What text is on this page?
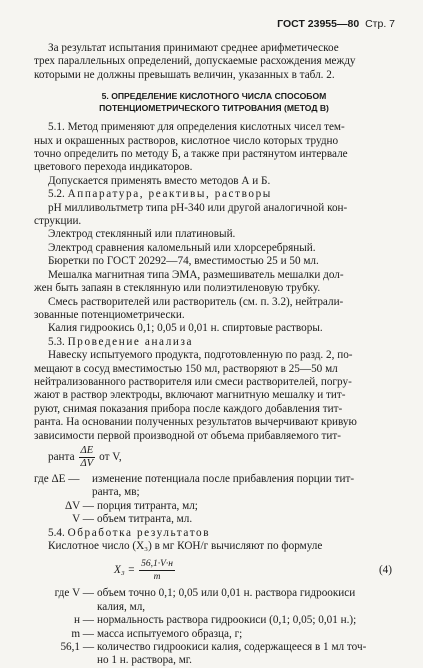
ГОСТ 23955—80 Стр. 7

За результат испытания принимают среднее арифметическое

трех параллельных определений, допускаемые расхождения между

которыми не должны превышать величин, указанных в табл. 2.

5. ОПРЕДЕЛЕНИЕ КИСЛОТНОГО ЧИСЛА СПОСОБОМ
ПОТЕНЦИОМЕТРИЧЕСКОГО ТИТРОВАНИЯ (МЕТОД В)

5.1. Метод применяют для определения кислотных чисел тем-

ных и окрашенных растворов, кислотное число которых трудно

точно определить по методу Б, а также при растянутом интервале

цветового перехода индикаторов.

Допускается применять вместо методов А и Б.

5.2. Аппаратура, реактивы, растворы

рН милливольтметр типа рН-340 или другой аналогичной кон-

струкции.

Электрод стеклянный или платиновый.

Электрод сравнения каломельный или хлорсеребряный.

Бюретки по ГОСТ 20292—74, вместимостью 25 и 50 мл.

Мешалка магнитная типа ЭМА, размешиватель мешалки дол-

жен быть запаян в стеклянную или полиэтиленовую трубку.

Смесь растворителей или растворитель (см. п. 3.2), нейтрали-

зованные потенциометрически.

Калия гидроокись 0,1; 0,05 и 0,01 н. спиртовые растворы.

5.3. Проведение анализа

Навеску испытуемого продукта, подготовленную по разд. 2, по-

мещают в сосуд вместимостью 150 мл, растворяют в 25—50 мл

нейтрализованного растворителя или смеси растворителей, погру-

жают в раствор электроды, включают магнитную мешалку и тит-

руют, снимая показания прибора после каждого добавления тит-

ранта. На основании полученных результатов вычерчивают кривую

зависимости первой производной от объема прибавляемого тит-

ранта $\frac{\Delta E}{\Delta V}$ от V,
где ΔE —	изменение потенциала после прибавления порции тит-
ранта, мв;
ΔV — порция титранта, мл;
V — объем титранта, мл.

5.4. Обработка результатов

Кислотное число (X₃) в мг КОН/г вычисляют по формуле

$X_3 = \frac{56,1\cdot V\cdot н}{m}$	(4)
где V — объем точно 0,1; 0,05 или 0,01 н. раствора гидроокиси
калия, мл,
н — нормальность раствора гидроокиси (0,1; 0,05; 0,01 н.);
m — масса испытуемого образца, г;
56,1 — количество гидроокиси калия, содержащееся в 1 мл точ-
но 1 н. раствора, мг.
